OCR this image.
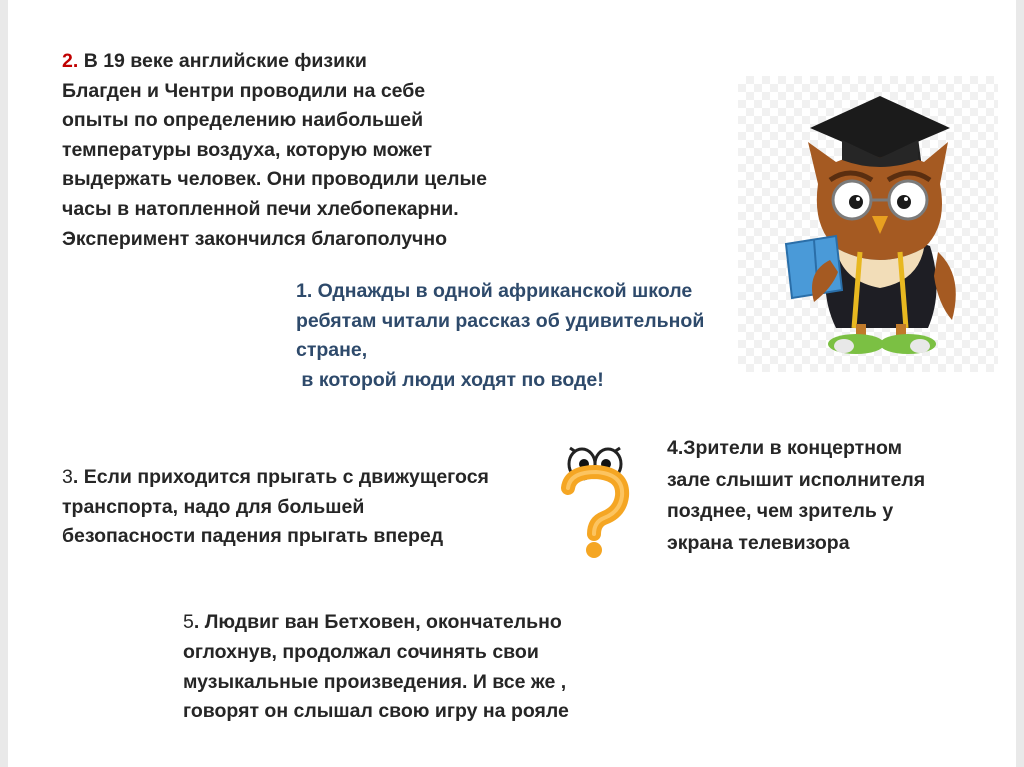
2. В 19 веке английские физики
Благден и Чентри проводили на себе
опыты по определению наибольшей
температуры воздуха, которую может
выдержать человек. Они проводили целые
часы в натопленной печи хлебопекарни.
Эксперимент закончился благополучно

1. Однажды в одной африканской школе
ребятам читали рассказ об удивительной
стране,
в которой люди ходят по воде!

3. Если приходится прыгать с движущегося
транспорта, надо для большей
безопасности падения прыгать вперед

4.Зрители в концертном
зале слышит исполнителя
позднее, чем зритель у
экрана телевизора

5. Людвиг ван Бетховен, окончательно
оглохнув, продолжал сочинять свои
музыкальные произведения. И все же ,
говорят он слышал свою игру на рояле
